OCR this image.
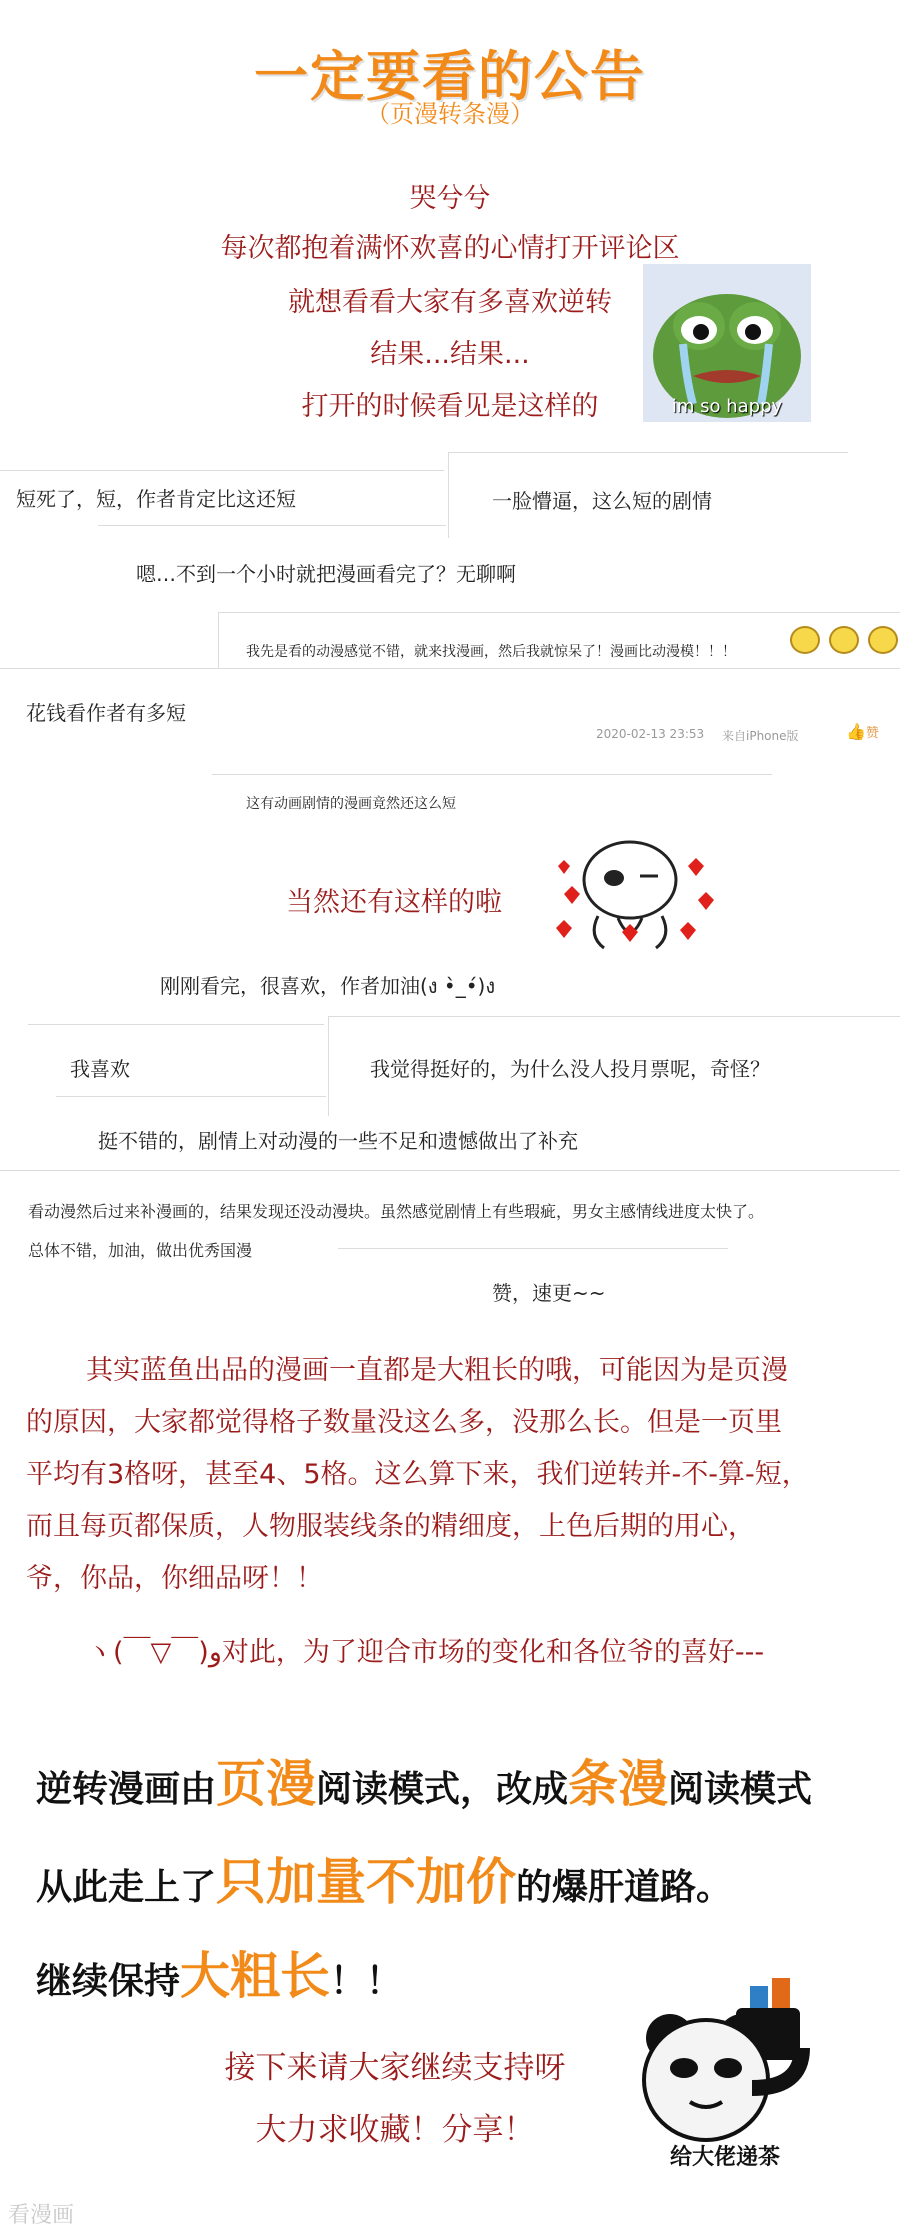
一定要看的公告
（页漫转条漫）
哭兮兮
每次都抱着满怀欢喜的心情打开评论区
就想看看大家有多喜欢逆转
结果...结果...
打开的时候看见是这样的	im so happy
短死了，短，作者肯定比这还短	一脸懵逼，这么短的剧情
嗯…不到一个小时就把漫画看完了？无聊啊
我先是看的动漫感觉不错，就来找漫画，然后我就惊呆了！漫画比动漫模！！！

花钱看作者有多短
2020-02-13 23:53 来自iPhone版	👍赞
这有动画剧情的漫画竟然还这么短
当然还有这样的啦
刚刚看完，很喜欢，作者加油(ง •̀_•́)ง
我喜欢	我觉得挺好的，为什么没人投月票呢，奇怪？
挺不错的，剧情上对动漫的一些不足和遗憾做出了补充
看动漫然后过来补漫画的，结果发现还没动漫块。虽然感觉剧情上有些瑕疵，男女主感情线进度太快了。
总体不错，加油，做出优秀国漫
赞，速更~~
其实蓝鱼出品的漫画一直都是大粗长的哦，可能因为是页漫
的原因，大家都觉得格子数量没这么多，没那么长。但是一页里
平均有3格呀，甚至4、5格。这么算下来，我们逆转并-不-算-短，
而且每页都保质，人物服装线条的精细度，上色后期的用心，
爷，你品，你细品呀！！
ヽ(￣▽￣)و对此，为了迎合市场的变化和各位爷的喜好---
逆转漫画由页漫阅读模式，改成条漫阅读模式
从此走上了只加量不加价的爆肝道路。
继续保持大粗长！！
接下来请大家继续支持呀
大力求收藏！分享！
给大佬递茶
看漫画
